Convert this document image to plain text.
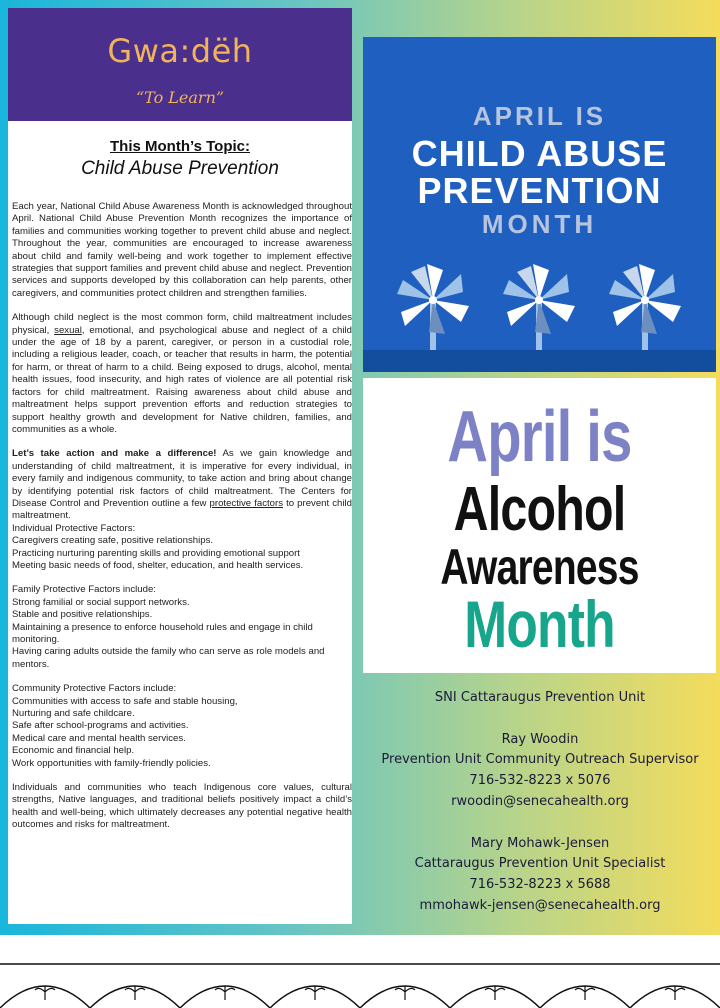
Gwa:dëh
“To Learn”
This Month’s Topic:
Child Abuse Prevention

Each year, National Child Abuse Awareness Month is acknowledged throughout April. National Child Abuse Prevention Month recognizes the importance of families and communities working together to prevent child abuse and neglect. Throughout the year, communities are encouraged to increase awareness about child and family well-being and work together to implement effective strategies that support families and prevent child abuse and neglect. Prevention services and supports developed by this collaboration can help parents, other caregivers, and communities protect children and strengthen families.

Although child neglect is the most common form, child maltreatment includes physical, sexual, emotional, and psychological abuse and neglect of a child under the age of 18 by a parent, caregiver, or person in a custodial role, including a religious leader, coach, or teacher that results in harm, the potential for harm, or threat of harm to a child. Being exposed to drugs, alcohol, mental health issues, food insecurity, and high rates of violence are all potential risk factors for child maltreatment. Raising awareness about child abuse and maltreatment helps support prevention efforts and reduction strategies to support healthy growth and development for Native children, families, and communities as a whole.

Let’s take action and make a difference! As we gain knowledge and understanding of child maltreatment, it is imperative for every individual, in every family and indigenous community, to take action and bring about change by identifying potential risk factors of child maltreatment. The Centers for Disease Control and Prevention outline a few protective factors to prevent child maltreatment.

Individual Protective Factors:
Caregivers creating safe, positive relationships.
Practicing nurturing parenting skills and providing emotional support
Meeting basic needs of food, shelter, education, and health services.
Family Protective Factors include:
Strong familial or social support networks.
Stable and positive relationships.
Maintaining a presence to enforce household rules and engage in child monitoring.
Having caring adults outside the family who can serve as role models and mentors.
Community Protective Factors include:
Communities with access to safe and stable housing,
Nurturing and safe childcare.
Safe after school-programs and activities.
Medical care and mental health services.
Economic and financial help.
Work opportunities with family-friendly policies.

Individuals and communities who teach Indigenous core values, cultural strengths, Native languages, and traditional beliefs positively impact a child’s health and well-being, which ultimately decreases any potential negative health outcomes and risks for maltreatment.

APRIL IS
CHILD ABUSE
PREVENTION
MONTH
April is
Alcohol
Awareness
Month
SNI Cattaraugus Prevention Unit
Ray Woodin
Prevention Unit Community Outreach Supervisor
716-532-8223 x 5076
rwoodin@senecahealth.org
Mary Mohawk-Jensen
Cattaraugus Prevention Unit Specialist
716-532-8223 x 5688
mmohawk-jensen@senecahealth.org
